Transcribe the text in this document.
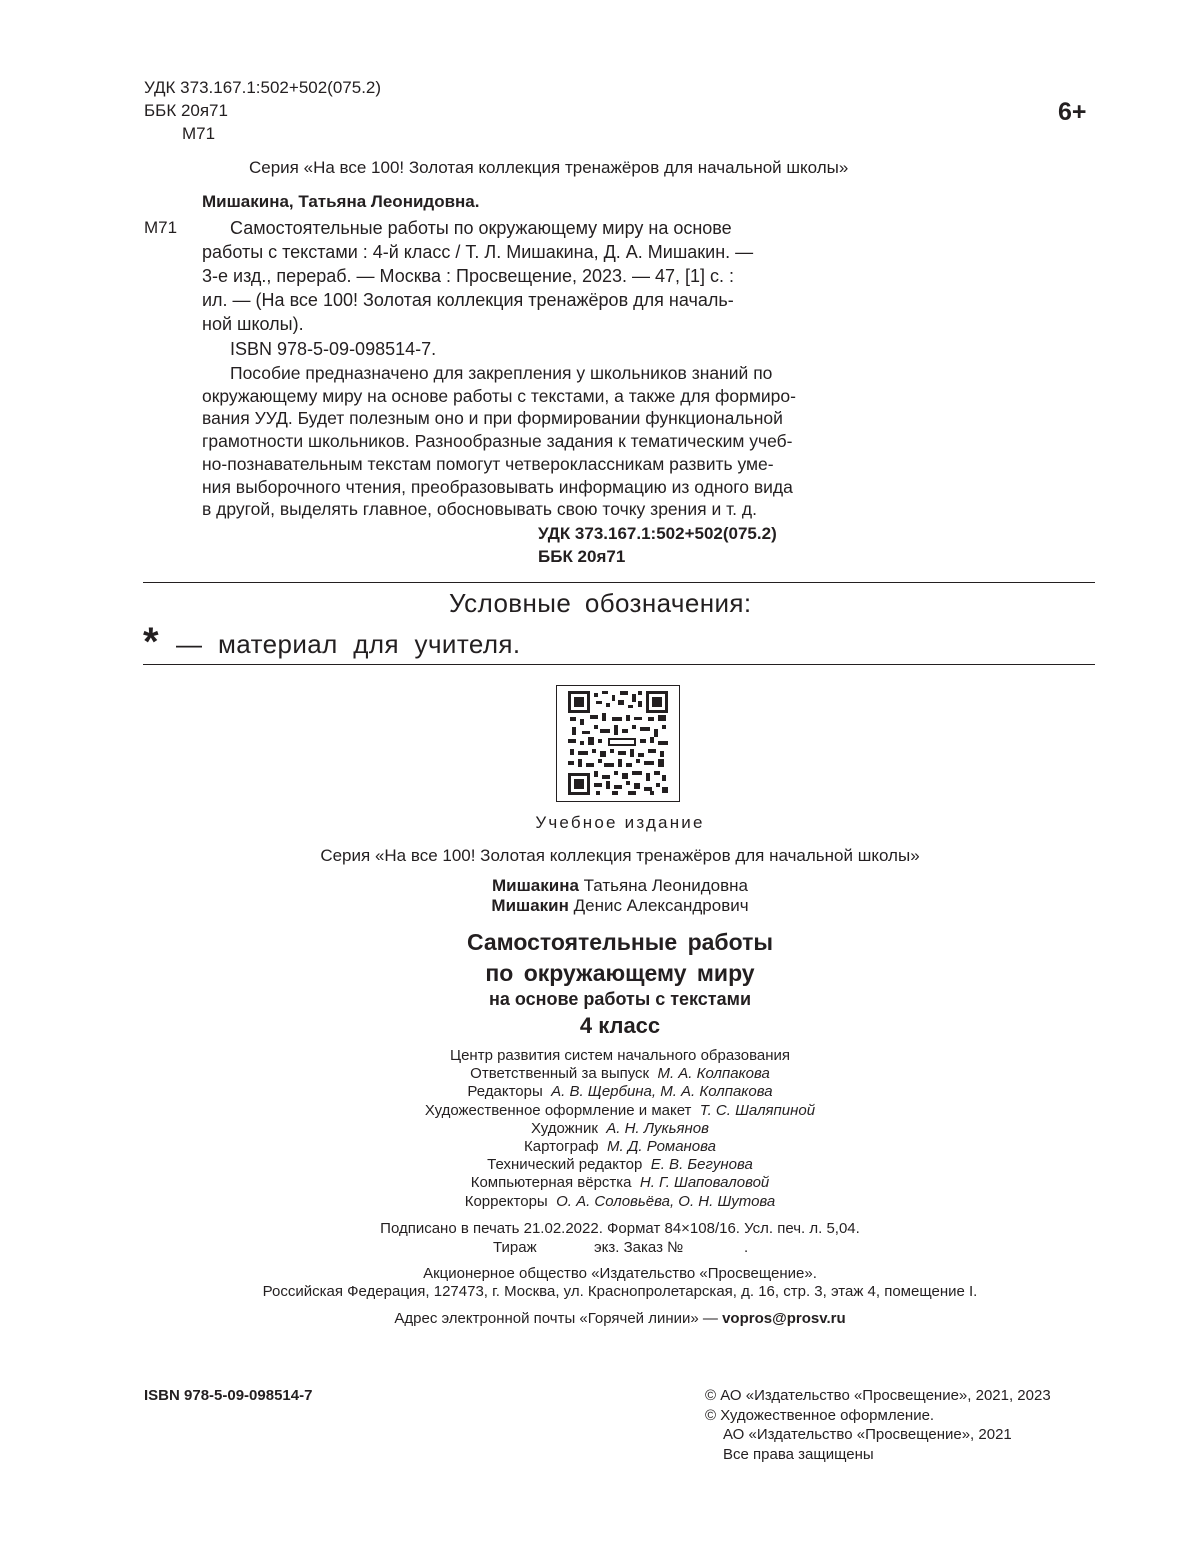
УДК 373.167.1:502+502(075.2)
ББК 20я71
М71
6+
Серия «На все 100! Золотая коллекция тренажёров для начальной школы»
Мишакина, Татьяна Леонидовна.
М71	Самостоятельные работы по окружающему миру на основе
работы с текстами : 4-й класс / Т. Л. Мишакина, Д. А. Мишакин. —
3-е изд., перераб. — Москва : Просвещение, 2023. — 47, [1] с. :
ил. — (На все 100! Золотая коллекция тренажёров для началь-
ной школы).
ISBN 978-5-09-098514-7.
Пособие предназначено для закрепления у школьников знаний по
окружающему миру на основе работы с текстами, а также для формиро-
вания УУД. Будет полезным оно и при формировании функциональной
грамотности школьников. Разнообразные задания к тематическим учеб-
но-познавательным текстам помогут четвероклассникам развить уме-
ния выборочного чтения, преобразовывать информацию из одного вида
в другой, выделять главное, обосновывать свою точку зрения и т. д.
УДК 373.167.1:502+502(075.2)
ББК 20я71
Условные обозначения:
* — материал для учителя.
Учебное издание
Серия «На все 100! Золотая коллекция тренажёров для начальной школы»
Мишакина Татьяна Леонидовна
Мишакин Денис Александрович
Самостоятельные работы
по окружающему миру
на основе работы с текстами
4 класс
Центр развития систем начального образования
Ответственный за выпуск М. А. Колпакова
Редакторы А. В. Щербина, М. А. Колпакова
Художественное оформление и макет Т. С. Шаляпиной
Художник А. Н. Лукьянов
Картограф М. Д. Романова
Технический редактор Е. В. Бегунова
Компьютерная вёрстка Н. Г. Шаповаловой
Корректоры О. А. Соловьёва, О. Н. Шутова
Подписано в печать 21.02.2022. Формат 84×108/16. Усл. печ. л. 5,04.
Тираж	экз. Заказ №	.
Акционерное общество «Издательство «Просвещение».
Российская Федерация, 127473, г. Москва, ул. Краснопролетарская, д. 16, стр. 3, этаж 4, помещение I.
Адрес электронной почты «Горячей линии» — vopros@prosv.ru
ISBN 978-5-09-098514-7	© АО «Издательство «Просвещение», 2021, 2023
© Художественное оформление.
АО «Издательство «Просвещение», 2021
Все права защищены
